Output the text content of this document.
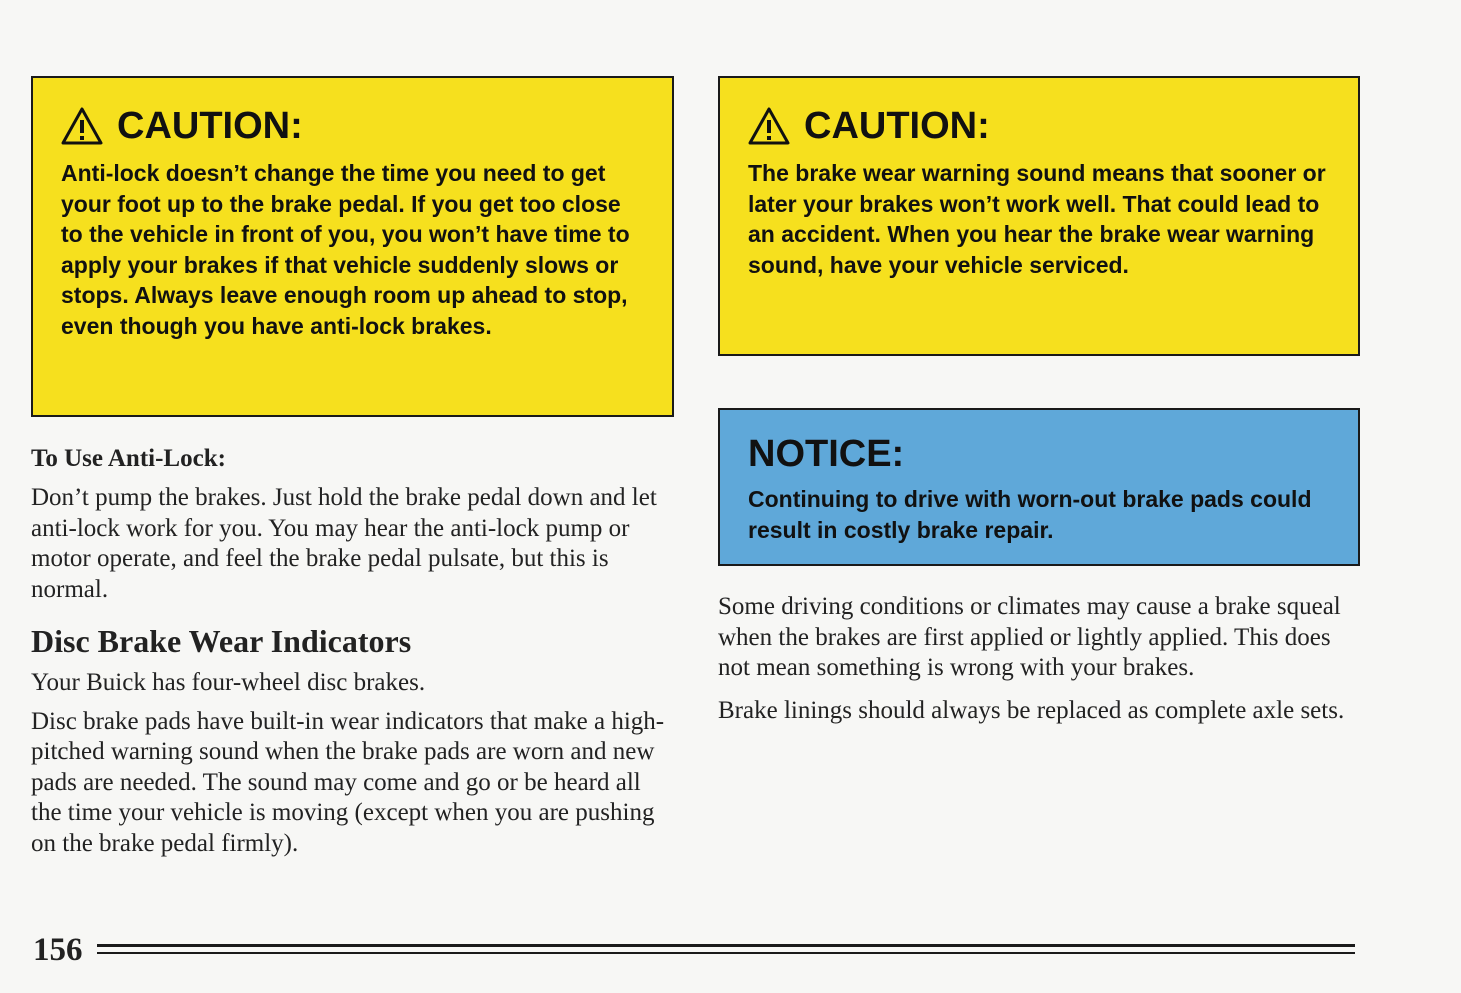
CAUTION:
Anti-lock doesn’t change the time you need to get your foot up to the brake pedal. If you get too close to the vehicle in front of you, you won’t have time to apply your brakes if that vehicle suddenly slows or stops. Always leave enough room up ahead to stop, even though you have anti-lock brakes.
To Use Anti-Lock:
Don’t pump the brakes. Just hold the brake pedal down and let anti-lock work for you. You may hear the anti-lock pump or motor operate, and feel the brake pedal pulsate, but this is normal.
Disc Brake Wear Indicators
Your Buick has four-wheel disc brakes.
Disc brake pads have built-in wear indicators that make a high-pitched warning sound when the brake pads are worn and new pads are needed. The sound may come and go or be heard all the time your vehicle is moving (except when you are pushing on the brake pedal firmly).
CAUTION:
The brake wear warning sound means that sooner or later your brakes won’t work well. That could lead to an accident. When you hear the brake wear warning sound, have your vehicle serviced.
NOTICE:
Continuing to drive with worn-out brake pads could result in costly brake repair.
Some driving conditions or climates may cause a brake squeal when the brakes are first applied or lightly applied. This does not mean something is wrong with your brakes.
Brake linings should always be replaced as complete axle sets.
156
